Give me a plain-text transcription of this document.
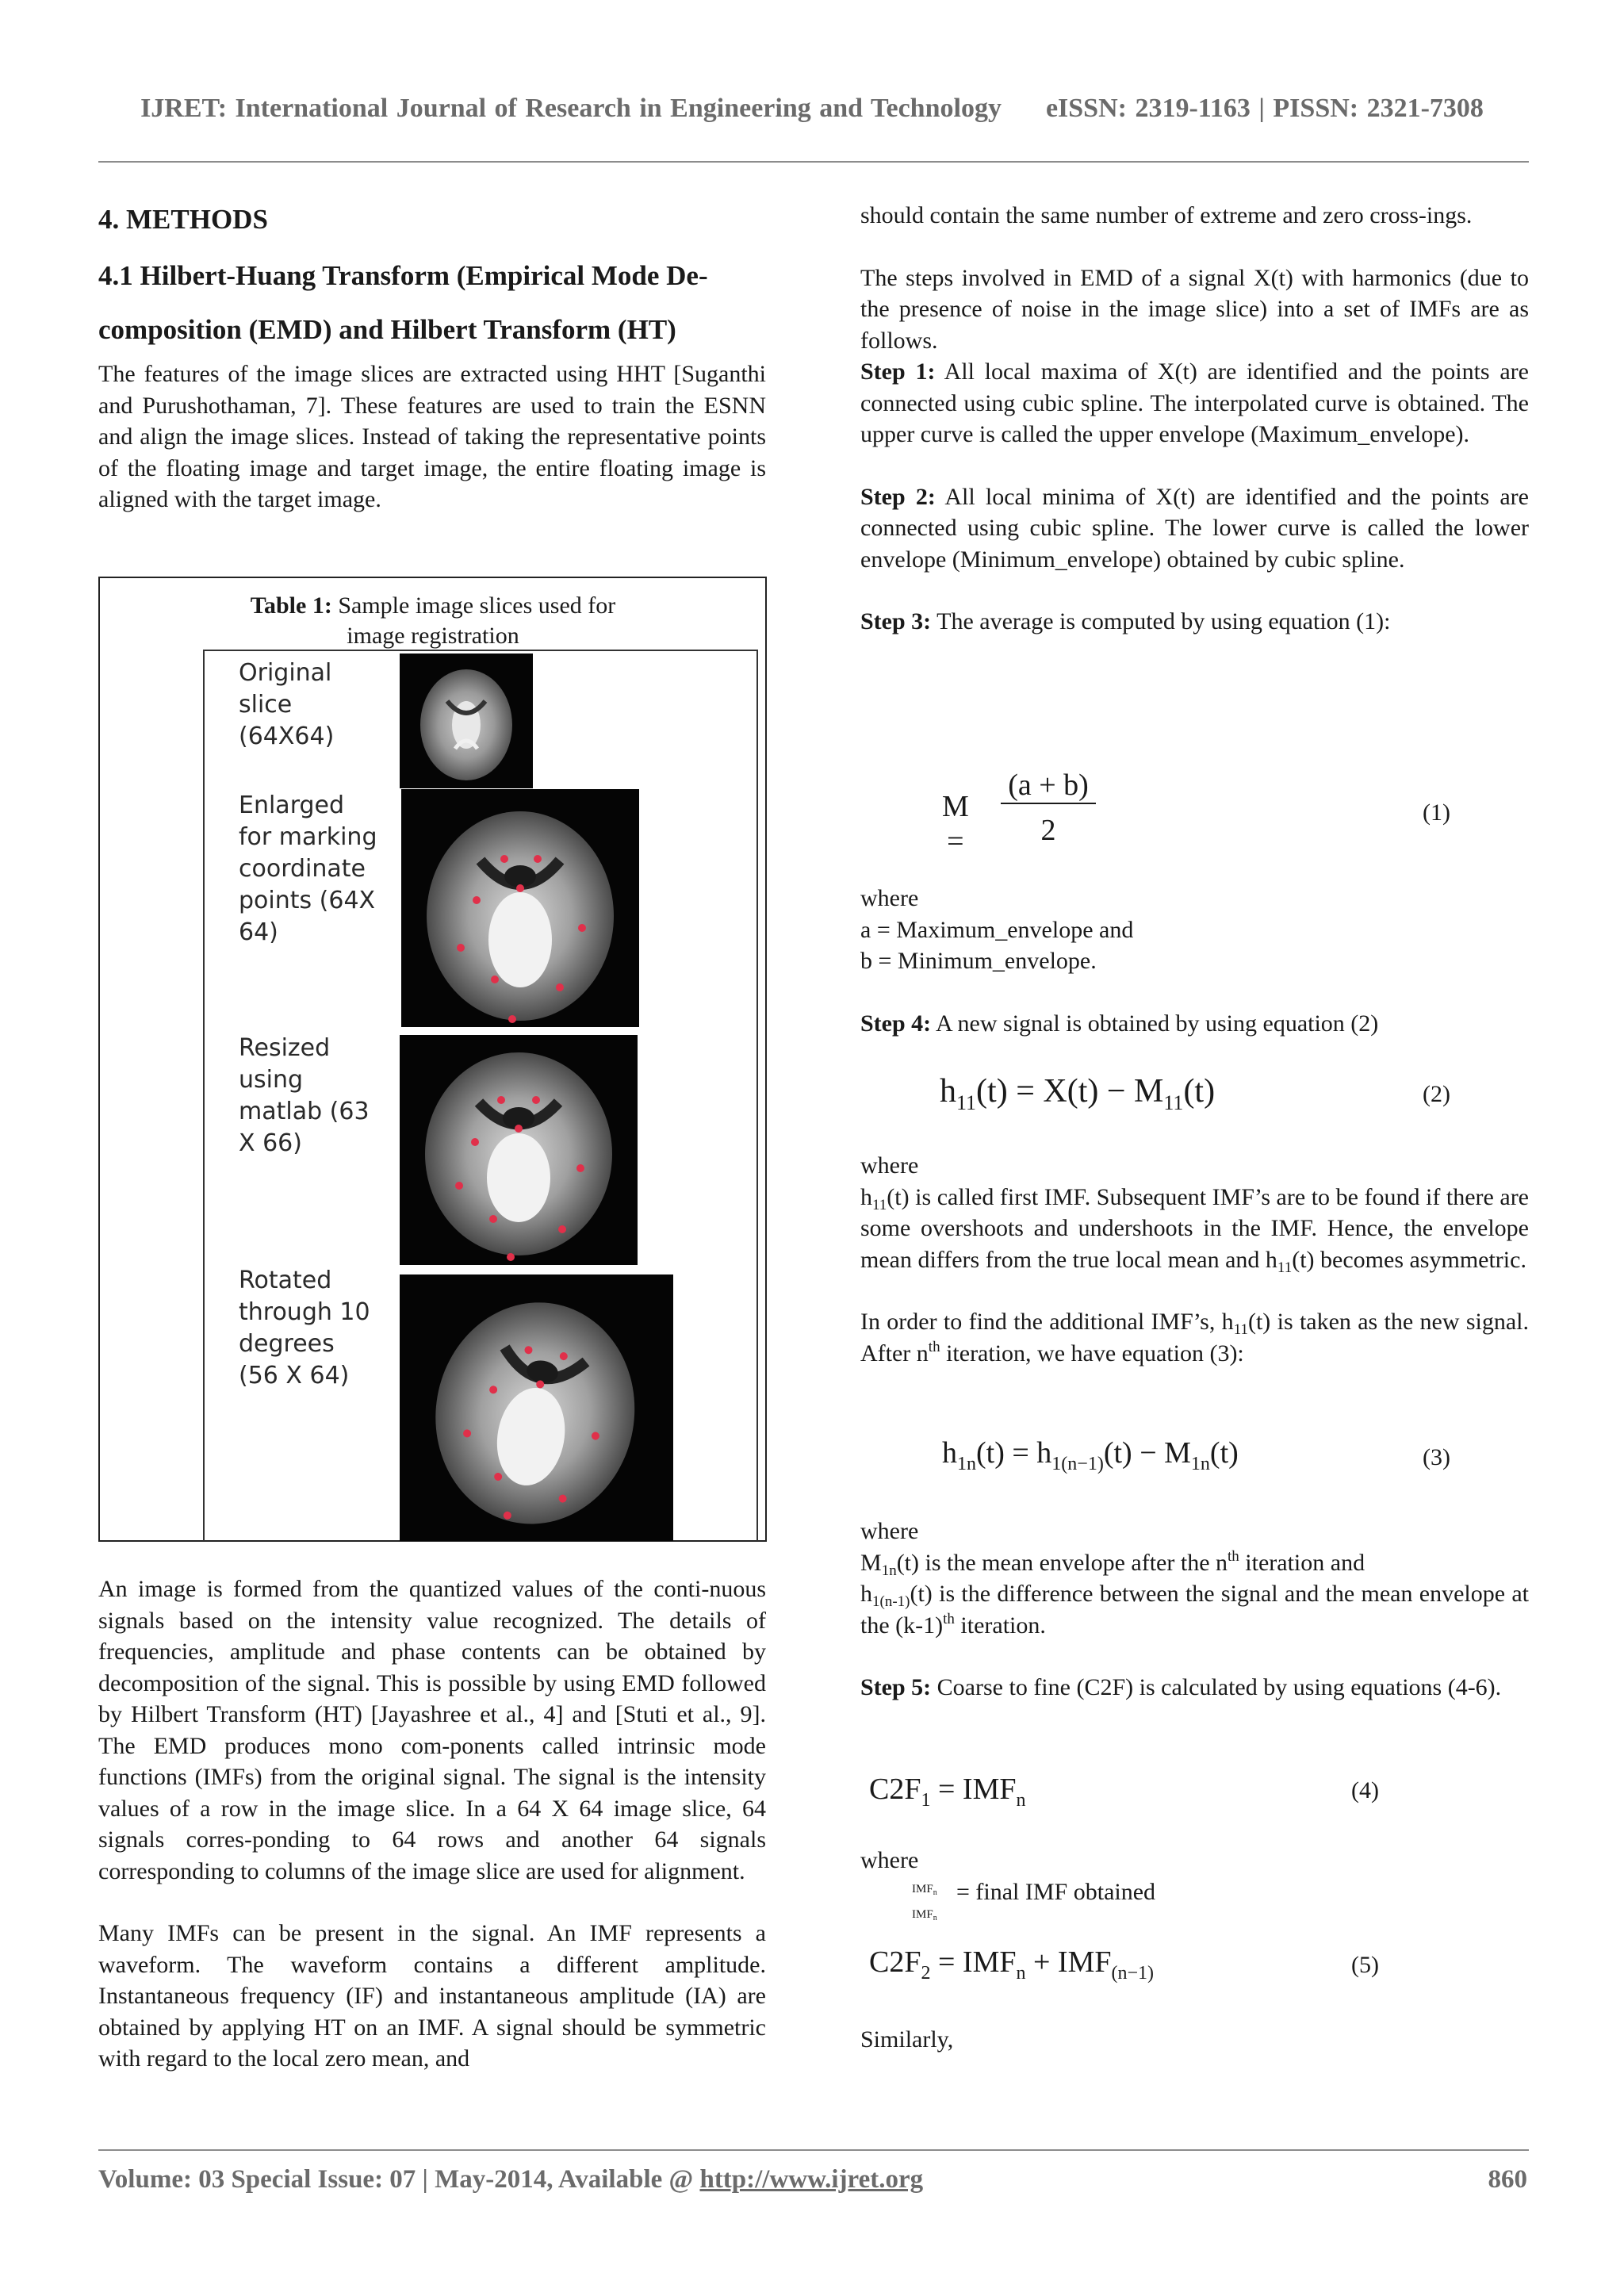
IJRET: International Journal of Research in Engineering and Technology eISSN: 2319-1163 | PISSN: 2321-7308
4. METHODS
4.1 Hilbert-Huang Transform (Empirical Mode De-
composition (EMD) and Hilbert Transform (HT)

The features of the image slices are extracted using HHT [Suganthi and Purushothaman, 7]. These features are used to train the ESNN and align the image slices. Instead of taking the representative points of the floating image and target image, the entire floating image is aligned with the target image.

Table 1: Sample image slices used for image registration
Original slice (64X64)
Enlarged for marking coordinate points (64X 64)
Resized using matlab (63 X 66)
Rotated through 10 degrees (56 X 64)

An image is formed from the quantized values of the conti-nuous signals based on the intensity value recognized. The details of frequencies, amplitude and phase contents can be obtained by decomposition of the signal. This is possible by using EMD followed by Hilbert Transform (HT) [Jayashree et al., 4] and [Stuti et al., 9]. The EMD produces mono com-ponents called intrinsic mode functions (IMFs) from the original signal. The signal is the intensity values of a row in the image slice. In a 64 X 64 image slice, 64 signals corres-ponding to 64 rows and another 64 signals corresponding to columns of the image slice are used for alignment.

Many IMFs can be present in the signal. An IMF represents a waveform. The waveform contains a different amplitude. Instantaneous frequency (IF) and instantaneous amplitude (IA) are obtained by applying HT on an IMF. A signal should be symmetric with regard to the local zero mean, and

should contain the same number of extreme and zero cross-ings.

The steps involved in EMD of a signal X(t) with harmonics (due to the presence of noise in the image slice) into a set of IMFs are as follows.

Step 1: All local maxima of X(t) are identified and the points are connected using cubic spline. The interpolated curve is obtained. The upper curve is called the upper envelope (Maximum_envelope).

Step 2: All local minima of X(t) are identified and the points are connected using cubic spline. The lower curve is called the lower envelope (Minimum_envelope) obtained by cubic spline.

Step 3: The average is computed by using equation (1):

M =
(a + b)
2
(1)

where

a = Maximum_envelope and

b = Minimum_envelope.

Step 4: A new signal is obtained by using equation (2)

$h_{11}(t) = X(t) - M_{11}(t)$	(2)

where

$h_{11}(t)$ is called first IMF. Subsequent IMF’s are to be found if there are some overshoots and undershoots in the IMF. Hence, the envelope mean differs from the true local mean and $h_{11}(t)$ becomes asymmetric.

In order to find the additional IMF’s, $h_{11}(t)$ is taken as the new signal. After $n^{th}$ iteration, we have equation (3):

$h_{1n}(t) = h_{1(n-1)}(t) - M_{1n}(t)$	(3)

where

$M_{1n}(t)$ is the mean envelope after the $n^{th}$ iteration and

$h_{1(n-1)}(t)$ is the difference between the signal and the mean envelope at the $(k-1)^{th}$ iteration.

Step 5: Coarse to fine (C2F) is calculated by using equations (4-6).

$C2F_1 = IMF_n$	(4)

where

$IMF_n$

$IMF_n$
= final IMF obtained
$C2F_2 = IMF_n + IMF_{(n-1)}$	(5)

Similarly,

Volume: 03 Special Issue: 07 | May-2014, Available @ http://www.ijret.org	860
